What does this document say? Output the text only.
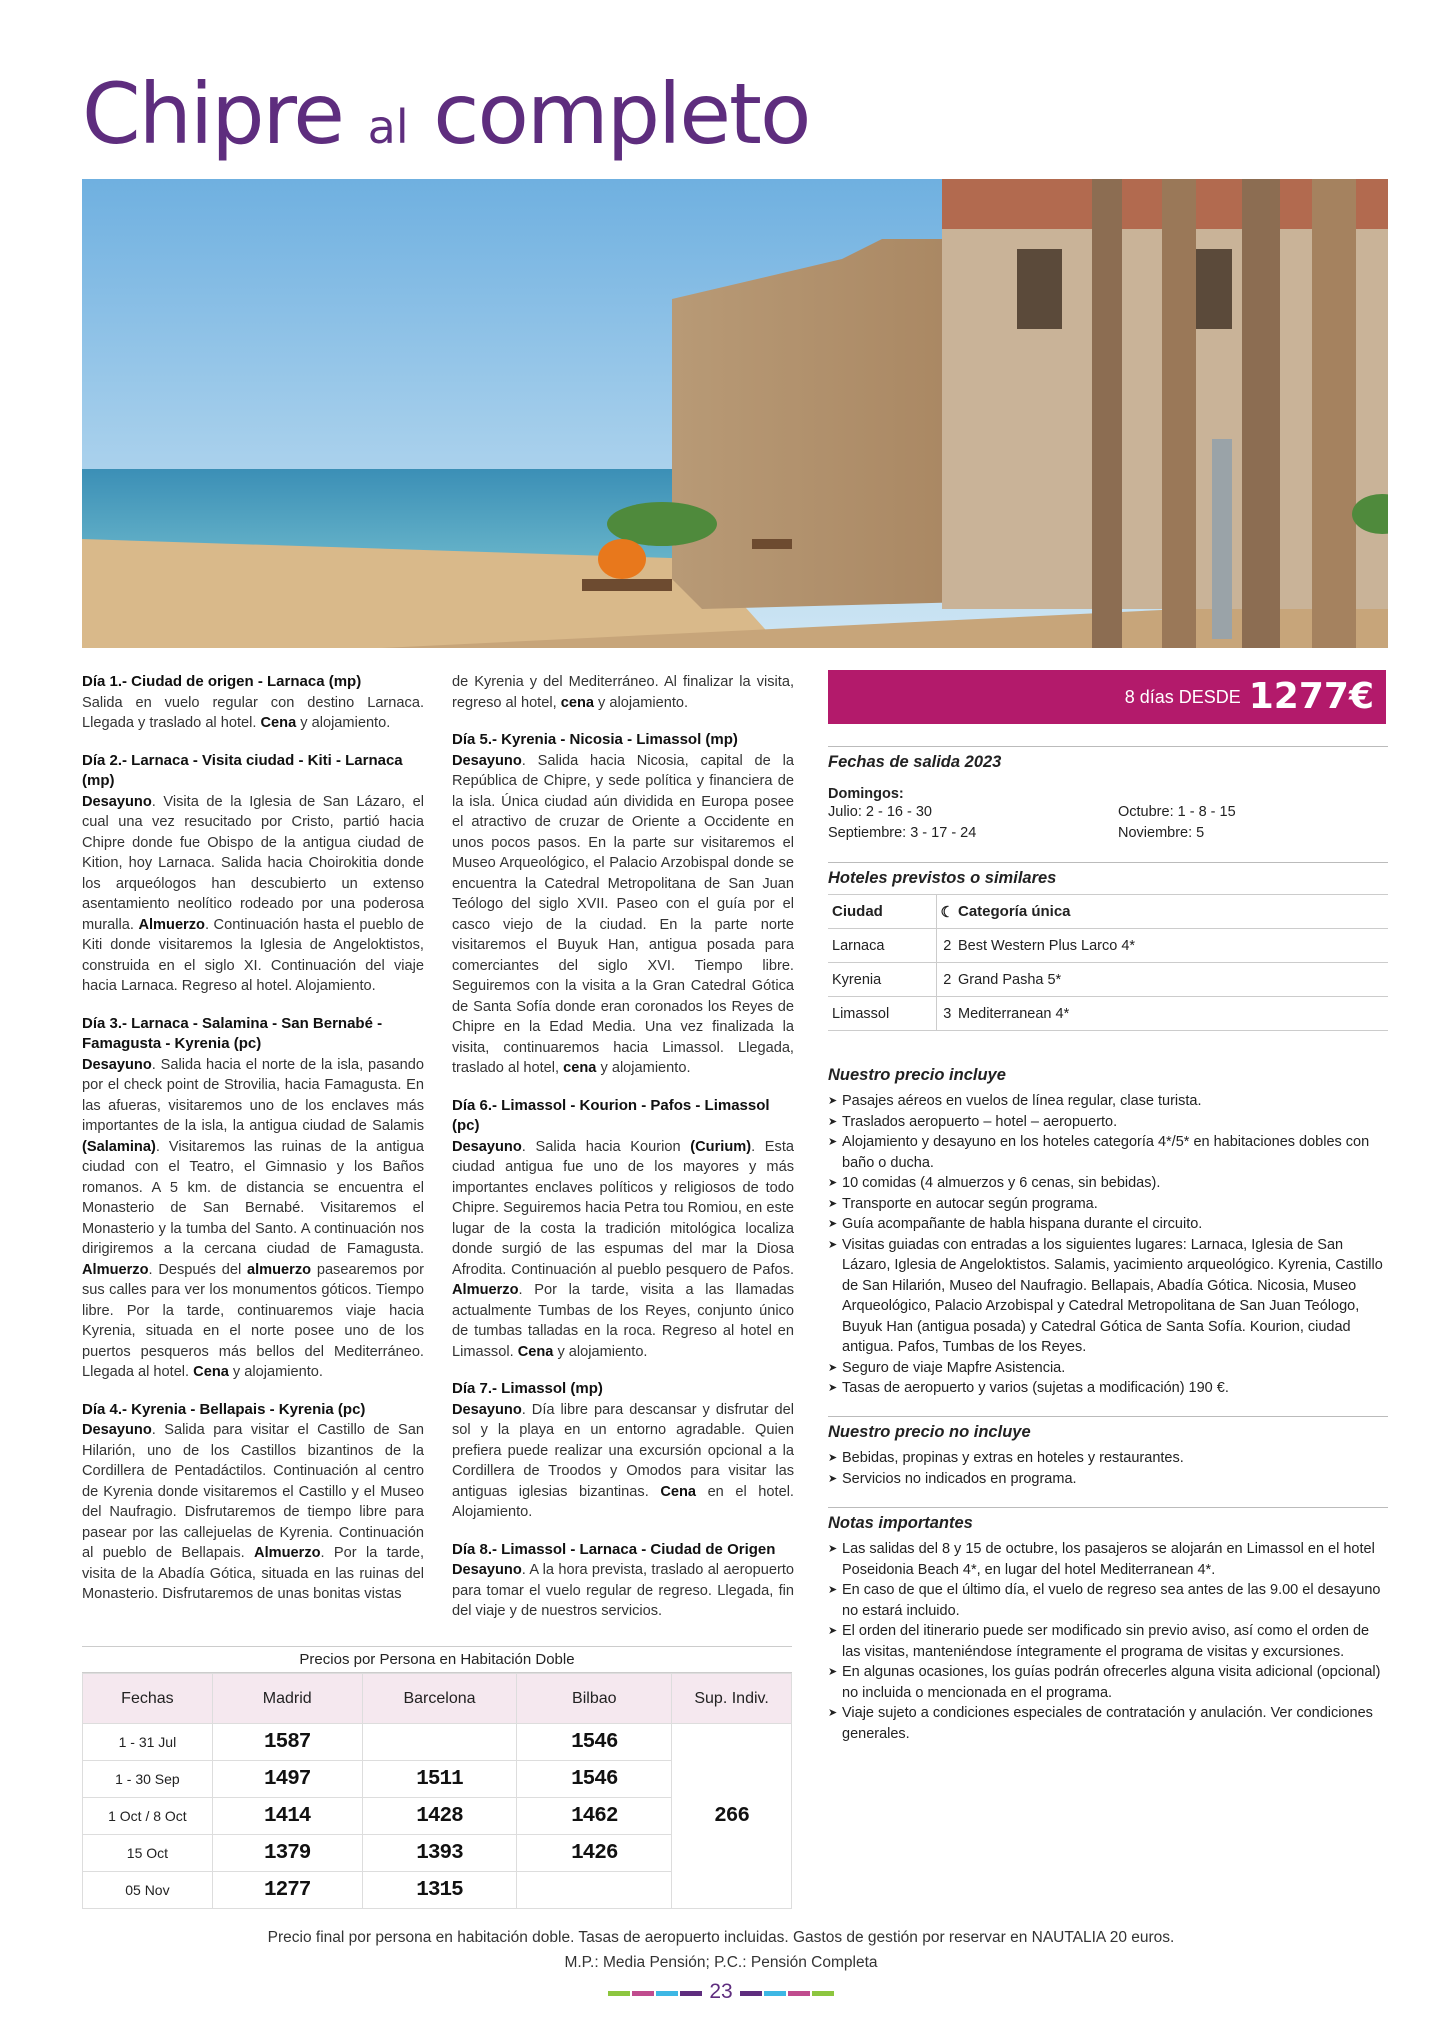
Chipre al completo
Día 1.- Ciudad de origen - Larnaca (mp)

Salida en vuelo regular con destino Larnaca. Llegada y traslado al hotel. Cena y alojamiento.

Día 2.- Larnaca - Visita ciudad - Kiti - Larnaca (mp)

Desayuno. Visita de la Iglesia de San Lázaro, el cual una vez resucitado por Cristo, partió hacia Chipre donde fue Obispo de la antigua ciudad de Kition, hoy Larnaca. Salida hacia Choirokitia donde los arqueólogos han descubierto un extenso asentamiento neolítico rodeado por una poderosa muralla. Almuerzo. Continuación hasta el pueblo de Kiti donde visitaremos la Iglesia de Angeloktistos, construida en el siglo XI. Continuación del viaje hacia Larnaca. Regreso al hotel. Alojamiento.

Día 3.- Larnaca - Salamina - San Bernabé - Famagusta - Kyrenia (pc)

Desayuno. Salida hacia el norte de la isla, pasando por el check point de Strovilia, hacia Famagusta. En las afueras, visitaremos uno de los enclaves más importantes de la isla, la antigua ciudad de Salamis (Salamina). Visitaremos las ruinas de la antigua ciudad con el Teatro, el Gimnasio y los Baños romanos. A 5 km. de distancia se encuentra el Monasterio de San Bernabé. Visitaremos el Monasterio y la tumba del Santo. A continuación nos dirigiremos a la cercana ciudad de Famagusta. Almuerzo. Después del almuerzo pasearemos por sus calles para ver los monumentos góticos. Tiempo libre. Por la tarde, continuaremos viaje hacia Kyrenia, situada en el norte posee uno de los puertos pesqueros más bellos del Mediterráneo. Llegada al hotel. Cena y alojamiento.

Día 4.- Kyrenia - Bellapais - Kyrenia (pc)

Desayuno. Salida para visitar el Castillo de San Hilarión, uno de los Castillos bizantinos de la Cordillera de Pentadáctilos. Continuación al centro de Kyrenia donde visitaremos el Castillo y el Museo del Naufragio. Disfrutaremos de tiempo libre para pasear por las callejuelas de Kyrenia. Continuación al pueblo de Bellapais. Almuerzo. Por la tarde, visita de la Abadía Gótica, situada en las ruinas del Monasterio. Disfrutaremos de unas bonitas vistas

de Kyrenia y del Mediterráneo. Al finalizar la visita, regreso al hotel, cena y alojamiento.

Día 5.- Kyrenia - Nicosia - Limassol (mp)

Desayuno. Salida hacia Nicosia, capital de la República de Chipre, y sede política y financiera de la isla. Única ciudad aún dividida en Europa posee el atractivo de cruzar de Oriente a Occidente en unos pocos pasos. En la parte sur visitaremos el Museo Arqueológico, el Palacio Arzobispal donde se encuentra la Catedral Metropolitana de San Juan Teólogo del siglo XVII. Paseo con el guía por el casco viejo de la ciudad. En la parte norte visitaremos el Buyuk Han, antigua posada para comerciantes del siglo XVI. Tiempo libre. Seguiremos con la visita a la Gran Catedral Gótica de Santa Sofía donde eran coronados los Reyes de Chipre en la Edad Media. Una vez finalizada la visita, continuaremos hacia Limassol. Llegada, traslado al hotel, cena y alojamiento.

Día 6.- Limassol - Kourion - Pafos - Limassol (pc)

Desayuno. Salida hacia Kourion (Curium). Esta ciudad antigua fue uno de los mayores y más importantes enclaves políticos y religiosos de todo Chipre. Seguiremos hacia Petra tou Romiou, en este lugar de la costa la tradición mitológica localiza donde surgió de las espumas del mar la Diosa Afrodita. Continuación al pueblo pesquero de Pafos. Almuerzo. Por la tarde, visita a las llamadas actualmente Tumbas de los Reyes, conjunto único de tumbas talladas en la roca. Regreso al hotel en Limassol. Cena y alojamiento.

Día 7.- Limassol (mp)

Desayuno. Día libre para descansar y disfrutar del sol y la playa en un entorno agradable. Quien prefiera puede realizar una excursión opcional a la Cordillera de Troodos y Omodos para visitar las antiguas iglesias bizantinas. Cena en el hotel. Alojamiento.

Día 8.- Limassol - Larnaca - Ciudad de Origen

Desayuno. A la hora prevista, traslado al aeropuerto para tomar el vuelo regular de regreso. Llegada, fin del viaje y de nuestros servicios.

8 días DESDE 1277€
Fechas de salida 2023
Domingos:
Julio: 2 - 16 - 30
Septiembre: 3 - 17 - 24
Octubre: 1 - 8 - 15
Noviembre: 5
Hoteles previstos o similares
Ciudad	☾	Categoría única
Larnaca	2	Best Western Plus Larco 4*
Kyrenia	2	Grand Pasha 5*
Limassol	3	Mediterranean 4*
Nuestro precio incluye
➤ Pasajes aéreos en vuelos de línea regular, clase turista.
➤ Traslados aeropuerto – hotel – aeropuerto.
➤ Alojamiento y desayuno en los hoteles categoría 4*/5* en habitaciones dobles con baño o ducha.
➤ 10 comidas (4 almuerzos y 6 cenas, sin bebidas).
➤ Transporte en autocar según programa.
➤ Guía acompañante de habla hispana durante el circuito.
➤ Visitas guiadas con entradas a los siguientes lugares: Larnaca, Iglesia de San Lázaro, Iglesia de Angeloktistos. Salamis, yacimiento arqueológico. Kyrenia, Castillo de San Hilarión, Museo del Naufragio. Bellapais, Abadía Gótica. Nicosia, Museo Arqueológico, Palacio Arzobispal y Catedral Metropolitana de San Juan Teólogo, Buyuk Han (antigua posada) y Catedral Gótica de Santa Sofía. Kourion, ciudad antigua. Pafos, Tumbas de los Reyes.
➤ Seguro de viaje Mapfre Asistencia.
➤ Tasas de aeropuerto y varios (sujetas a modificación) 190 €.
Nuestro precio no incluye
➤ Bebidas, propinas y extras en hoteles y restaurantes.
➤ Servicios no indicados en programa.
Notas importantes
➤ Las salidas del 8 y 15 de octubre, los pasajeros se alojarán en Limassol en el hotel Poseidonia Beach 4*, en lugar del hotel Mediterranean 4*.
➤ En caso de que el último día, el vuelo de regreso sea antes de las 9.00 el desayuno no estará incluido.
➤ El orden del itinerario puede ser modificado sin previo aviso, así como el orden de las visitas, manteniéndose íntegramente el programa de visitas y excursiones.
➤ En algunas ocasiones, los guías podrán ofrecerles alguna visita adicional (opcional) no incluida o mencionada en el programa.
➤ Viaje sujeto a condiciones especiales de contratación y anulación. Ver condiciones generales.
Precios por Persona en Habitación Doble
Fechas	Madrid	Barcelona	Bilbao	Sup. Indiv.
1 - 31 Jul	1587		1546	266
1 - 30 Sep	1497	1511	1546	
1 Oct / 8 Oct	1414	1428	1462	
15 Oct	1379	1393	1426	
05 Nov	1277	1315		
Precio final por persona en habitación doble. Tasas de aeropuerto incluidas. Gastos de gestión por reservar en NAUTALIA 20 euros.
M.P.: Media Pensión; P.C.: Pensión Completa
23
